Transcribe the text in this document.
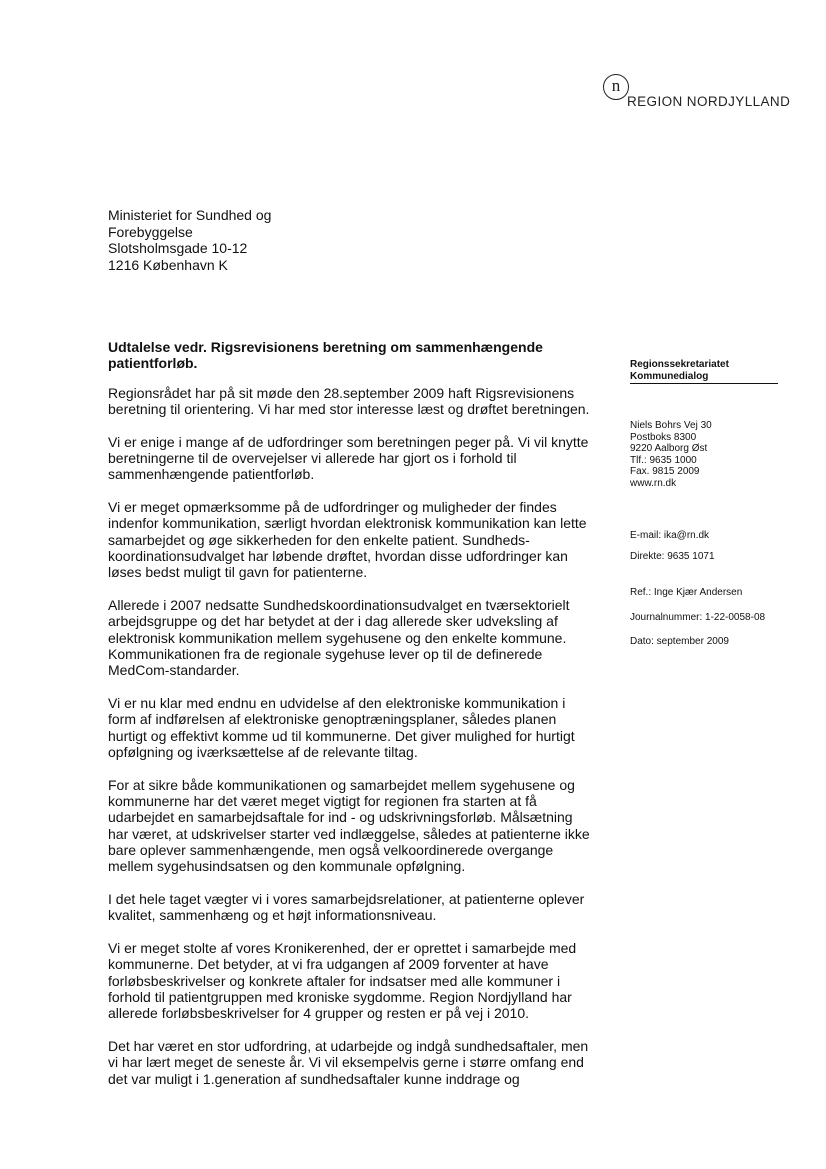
n
REGION NORDJYLLAND
Ministeriet for Sundhed og
Forebyggelse
Slotsholmsgade 10-12
1216 København K
Udtalelse vedr. Rigsrevisionens beretning om sammenhængende
patientforløb.
Regionsrådet har på sit møde den 28.september 2009 haft Rigsrevisionens
beretning til orientering. Vi har med stor interesse læst og drøftet beretningen.
Vi er enige i mange af de udfordringer som beretningen peger på. Vi vil knytte
beretningerne til de overvejelser vi allerede har gjort os i forhold til
sammenhængende patientforløb.
Vi er meget opmærksomme på de udfordringer og muligheder der findes
indenfor kommunikation, særligt hvordan elektronisk kommunikation kan lette
samarbejdet og øge sikkerheden for den enkelte patient. Sundheds-
koordinationsudvalget har løbende drøftet, hvordan disse udfordringer kan
løses bedst muligt til gavn for patienterne.
Allerede i 2007 nedsatte Sundhedskoordinationsudvalget en tværsektorielt
arbejdsgruppe og det har betydet at der i dag allerede sker udveksling af
elektronisk kommunikation mellem sygehusene og den enkelte kommune.
Kommunikationen fra de regionale sygehuse lever op til de definerede
MedCom-standarder.
Vi er nu klar med endnu en udvidelse af den elektroniske kommunikation i
form af indførelsen af elektroniske genoptræningsplaner, således planen
hurtigt og effektivt komme ud til kommunerne. Det giver mulighed for hurtigt
opfølgning og iværksættelse af de relevante tiltag.
For at sikre både kommunikationen og samarbejdet mellem sygehusene og
kommunerne har det været meget vigtigt for regionen fra starten at få
udarbejdet en samarbejdsaftale for ind - og udskrivningsforløb. Målsætning
har været, at udskrivelser starter ved indlæggelse, således at patienterne ikke
bare oplever sammenhængende, men også velkoordinerede overgange
mellem sygehusindsatsen og den kommunale opfølgning.
I det hele taget vægter vi i vores samarbejdsrelationer, at patienterne oplever
kvalitet, sammenhæng og et højt informationsniveau.
Vi er meget stolte af vores Kronikerenhed, der er oprettet i samarbejde med
kommunerne. Det betyder, at vi fra udgangen af 2009 forventer at have
forløbsbeskrivelser og konkrete aftaler for indsatser med alle kommuner i
forhold til patientgruppen med kroniske sygdomme. Region Nordjylland har
allerede forløbsbeskrivelser for 4 grupper og resten er på vej i 2010.
Det har været en stor udfordring, at udarbejde og indgå sundhedsaftaler, men
vi har lært meget de seneste år. Vi vil eksempelvis gerne i større omfang end
det var muligt i 1.generation af sundhedsaftaler kunne inddrage og
Regionssekretariatet
Kommunedialog
Niels Bohrs Vej 30
Postboks 8300
9220 Aalborg Øst
Tlf.: 9635 1000
Fax. 9815 2009
www.rn.dk
E-mail: ika@rn.dk
Direkte: 9635 1071
Ref.: Inge Kjær Andersen
Journalnummer: 1-22-0058-08
Dato: september 2009
